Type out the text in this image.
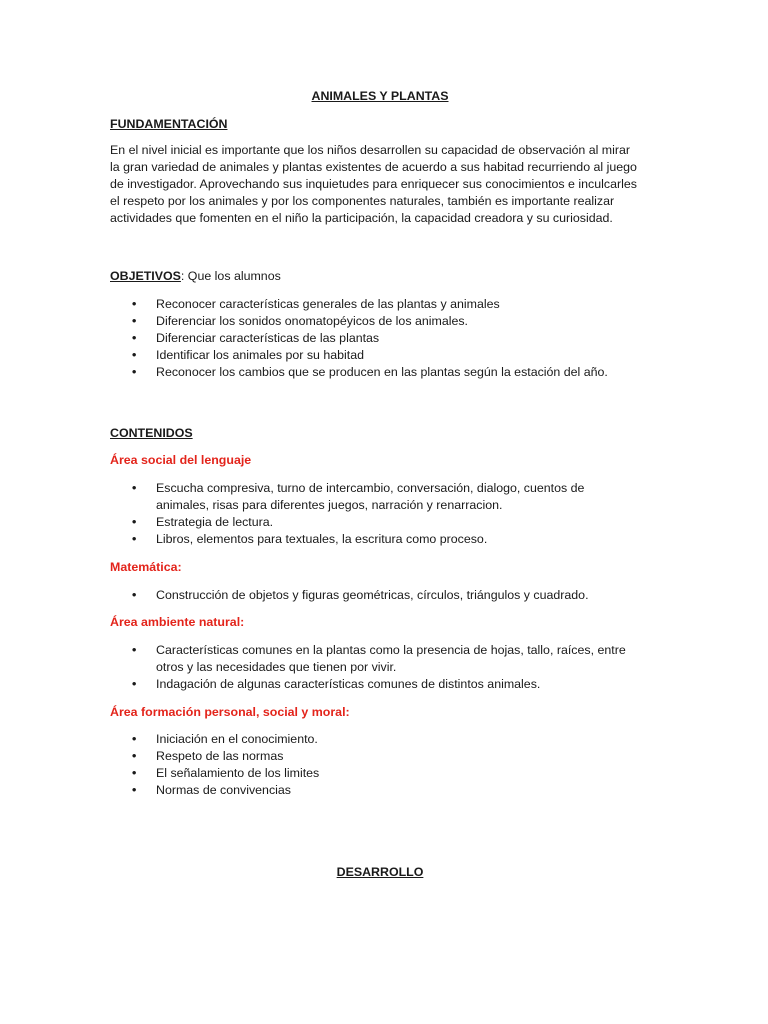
ANIMALES Y PLANTAS
FUNDAMENTACIÓN
En el nivel inicial es importante que los niños desarrollen su capacidad de observación al mirar
la gran variedad de animales y plantas existentes de acuerdo a sus habitad recurriendo al juego
de investigador. Aprovechando sus inquietudes para enriquecer sus conocimientos e inculcarles
el respeto por los animales y por los componentes naturales, también es importante realizar
actividades que fomenten en el niño la participación, la capacidad creadora y su curiosidad.
OBJETIVOS: Que los alumnos
• Reconocer características generales de las plantas y animales
• Diferenciar los sonidos onomatopéyicos de los animales.
• Diferenciar características de las plantas
• Identificar los animales por su habitad
• Reconocer los cambios que se producen en las plantas según la estación del año.
CONTENIDOS
Área social del lenguaje
• Escucha compresiva, turno de intercambio, conversación, dialogo, cuentos de
animales, risas para diferentes juegos, narración y renarracion.
• Estrategia de lectura.
• Libros, elementos para textuales, la escritura como proceso.
Matemática:
• Construcción de objetos y figuras geométricas, círculos, triángulos y cuadrado.
Área ambiente natural:
• Características comunes en la plantas como la presencia de hojas, tallo, raíces, entre
otros y las necesidades que tienen por vivir.
• Indagación de algunas características comunes de distintos animales.
Área formación personal, social y moral:
• Iniciación en el conocimiento.
• Respeto de las normas
• El señalamiento de los limites
• Normas de convivencias
DESARROLLO
